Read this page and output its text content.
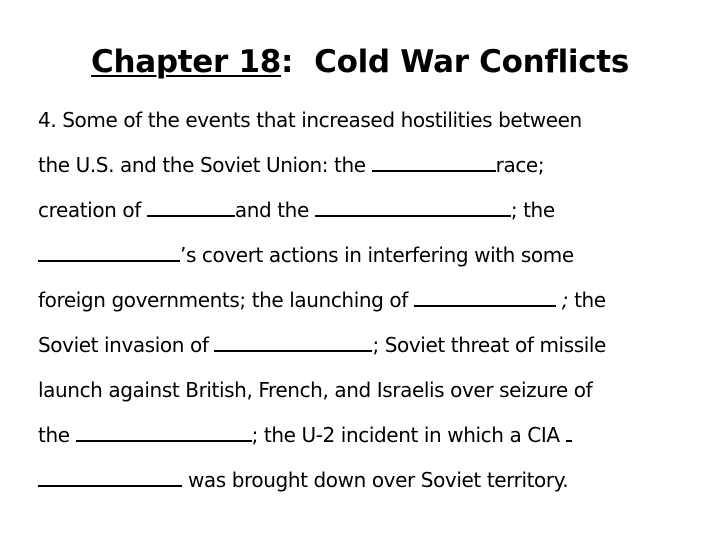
Chapter 18: Cold War Conflicts
4. Some of the events that increased hostilities between
the U.S. and the Soviet Union: the	race;
creation of	and the	; the
’s covert actions in interfering with some
foreign governments; the launching of	; the
Soviet invasion of	; Soviet threat of missile
launch against British, French, and Israelis over seizure of
the	; the U-2 incident in which a CIA
was brought down over Soviet territory.
